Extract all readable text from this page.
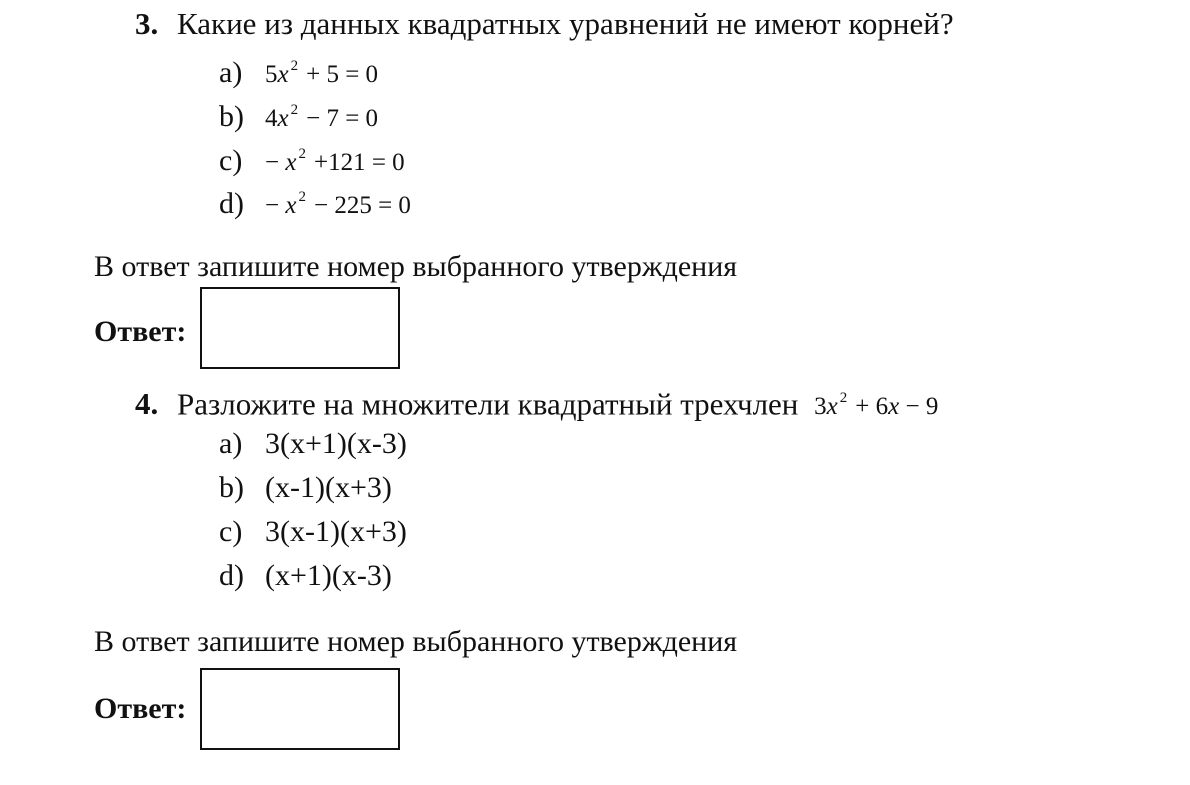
3. Какие из данных квадратных уравнений не имеют корней?
a) 5x $^2$ + 5 = 0
b) 4x $^2$ − 7 = 0
c) − x $^2$ +121 = 0
d) − x $^2$ − 225 = 0
В ответ запишите номер выбранного утверждения
Ответ:
4. Разложите на множители квадратный трехчлен 3x $^2$ + 6x − 9
a) 3(x+1)(x-3)
b) (x-1)(x+3)
c) 3(x-1)(x+3)
d) (x+1)(x-3)
В ответ запишите номер выбранного утверждения
Ответ:
